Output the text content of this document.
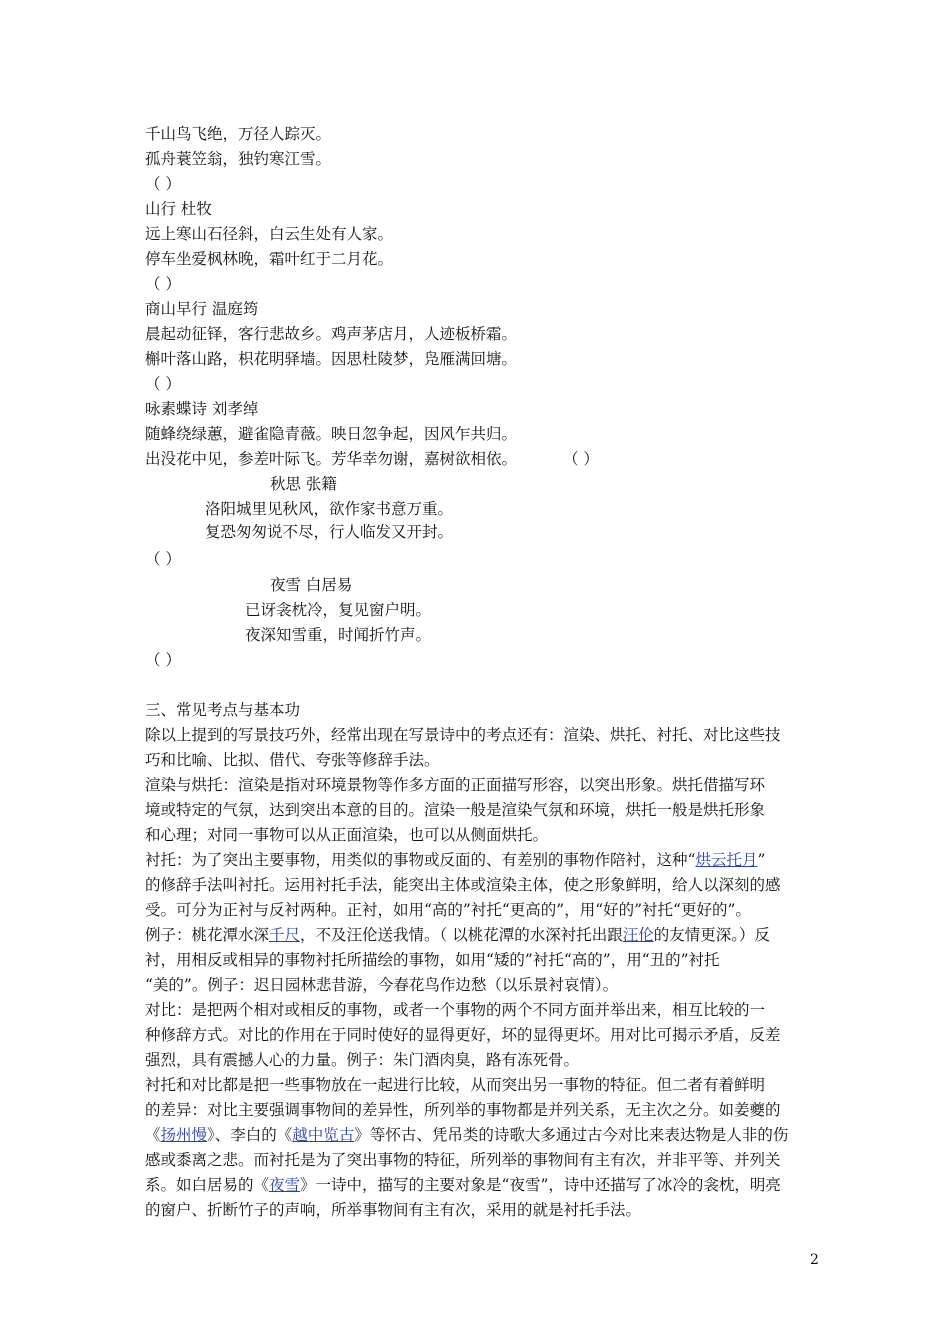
千山鸟飞绝，万径人踪灭。
孤舟蓑笠翁，独钓寒江雪。
（ ）
山行 杜牧
远上寒山石径斜，白云生处有人家。
停车坐爱枫林晚，霜叶红于二月花。
（ ）
商山早行 温庭筠
晨起动征铎，客行悲故乡。鸡声茅店月，人迹板桥霜。
槲叶落山路，枳花明驿墙。因思杜陵梦，凫雁满回塘。
（ ）
咏素蝶诗 刘孝绰
随蜂绕绿蕙，避雀隐青薇。映日忽争起，因风乍共归。
出没花中见，参差叶际飞。芳华幸勿谢，嘉树欲相依。	（ ）
秋思 张籍
洛阳城里见秋风，欲作家书意万重。
复恐匆匆说不尽，行人临发又开封。
（ ）
夜雪 白居易
已讶衾枕冷，复见窗户明。
夜深知雪重，时闻折竹声。
（ ）
三、常见考点与基本功
除以上提到的写景技巧外，经常出现在写景诗中的考点还有：渲染、烘托、衬托、对比这些技
巧和比喻、比拟、借代、夸张等修辞手法。
渲染与烘托：渲染是指对环境景物等作多方面的正面描写形容，以突出形象。烘托借描写环
境或特定的气氛，达到突出本意的目的。渲染一般是渲染气氛和环境，烘托一般是烘托形象
和心理；对同一事物可以从正面渲染，也可以从侧面烘托。
衬托：为了突出主要事物，用类似的事物或反面的、有差别的事物作陪衬，这种“烘云托月”
的修辞手法叫衬托。运用衬托手法，能突出主体或渲染主体，使之形象鲜明，给人以深刻的感
受。可分为正衬与反衬两种。正衬，如用“高的”衬托“更高的”，用“好的”衬托“更好的”。
例子：桃花潭水深千尺，不及汪伦送我情。（ 以桃花潭的水深衬托出跟汪伦的友情更深。）反
衬，用相反或相异的事物衬托所描绘的事物，如用“矮的”衬托“高的”，用“丑的”衬托
“美的”。例子：迟日园林悲昔游，今春花鸟作边愁（以乐景衬哀情）。
对比：是把两个相对或相反的事物，或者一个事物的两个不同方面并举出来，相互比较的一
种修辞方式。对比的作用在于同时使好的显得更好，坏的显得更坏。用对比可揭示矛盾，反差
强烈，具有震撼人心的力量。例子：朱门酒肉臭，路有冻死骨。
衬托和对比都是把一些事物放在一起进行比较，从而突出另一事物的特征。但二者有着鲜明
的差异：对比主要强调事物间的差异性，所列举的事物都是并列关系，无主次之分。如姜夔的
《扬州慢》、李白的《越中览古》等怀古、凭吊类的诗歌大多通过古今对比来表达物是人非的伤
感或黍离之悲。而衬托是为了突出事物的特征，所列举的事物间有主有次，并非平等、并列关
系。如白居易的《夜雪》一诗中，描写的主要对象是“夜雪”，诗中还描写了冰冷的衾枕，明亮
的窗户、折断竹子的声响，所举事物间有主有次，采用的就是衬托手法。
2
